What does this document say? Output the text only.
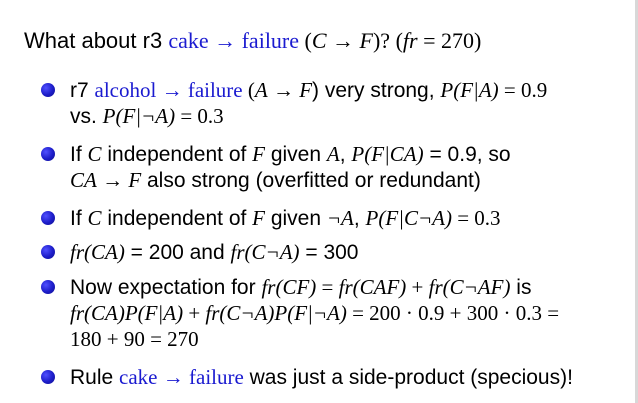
What about r3 cake → failure (C → F)? (fr = 270)
r7 alcohol → failure (A → F) very strong, P(F|A) = 0.9
vs. P(F|¬A) = 0.3
If C independent of F given A, P(F|CA) = 0.9, so
CA → F also strong (overfitted or redundant)
If C independent of F given ¬A, P(F|C¬A) = 0.3
fr(CA) = 200 and fr(C¬A) = 300
Now expectation for fr(CF) = fr(CAF) + fr(C¬AF) is
fr(CA)P(F|A) + fr(C¬A)P(F|¬A) = 200 · 0.9 + 300 · 0.3 =
180 + 90 = 270
Rule cake → failure was just a side-product (specious)!
